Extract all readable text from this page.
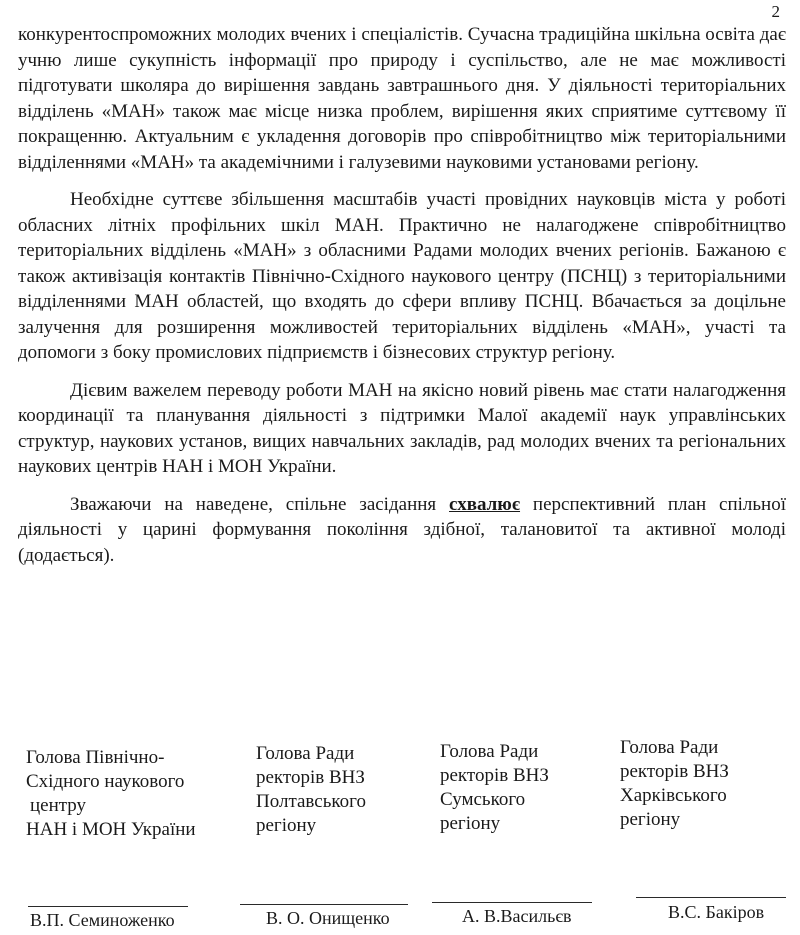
2

конкурентоспроможних молодих вчених і спеціалістів. Сучасна традиційна шкільна освіта дає учню лише сукупність інформації про природу і суспільство, але не має можливості підготувати школяра до вирішення завдань завтрашнього дня. У діяльності територіальних відділень «МАН» також має місце низка проблем, вирішення яких сприятиме суттєвому її покращенню. Актуальним є укладення договорів про співробітництво між територіальними відділеннями «МАН» та академічними і галузевими науковими установами регіону.

Необхідне суттєве збільшення масштабів участі провідних науковців міста у роботі обласних літніх профільних шкіл МАН. Практично не налагоджене співробітництво територіальних відділень «МАН» з обласними Радами молодих вчених регіонів. Бажаною є також активізація контактів Північно-Східного наукового центру (ПСНЦ) з територіальними відділеннями МАН областей, що входять до сфери впливу ПСНЦ. Вбачається за доцільне залучення для розширення можливостей територіальних відділень «МАН», участі та допомоги з боку промислових підприємств і бізнесових структур регіону.

Дієвим важелем переводу роботи МАН на якісно новий рівень має стати налагодження координації та планування діяльності з підтримки Малої академії наук управлінських структур, наукових установ, вищих навчальних закладів, рад молодих вчених та регіональних наукових центрів НАН і МОН України.

Зважаючи на наведене, спільне засідання схвалює перспективний план спільної діяльності у царині формування покоління здібної, талановитої та активної молоді (додається).

Голова Північно-
Східного наукового
центру
НАН і МОН України
Голова Ради
ректорів ВНЗ
Полтавського
регіону
Голова Ради
ректорів ВНЗ
Сумського
регіону
Голова Ради
ректорів ВНЗ
Харківського
регіону
В.П. Семиноженко	В. О. Онищенко	А. В.Васильєв	В.С. Бакіров
